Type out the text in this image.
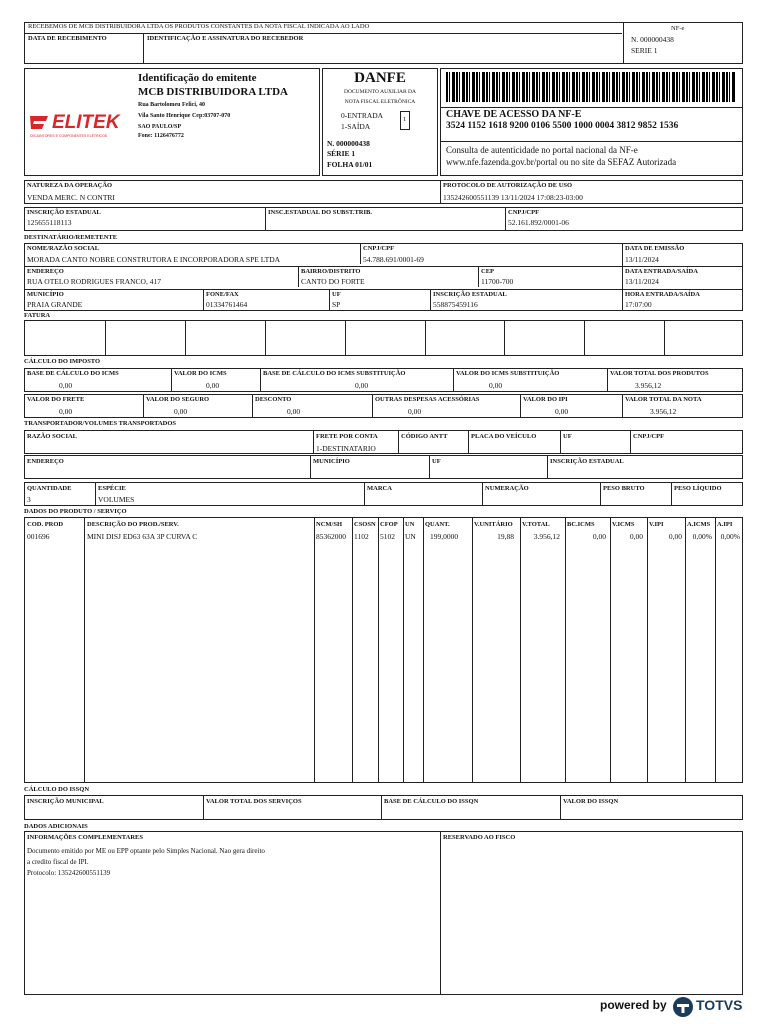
RECEBEMOS DE MCB DISTRIBUIDORA LTDA OS PRODUTOS CONSTANTES DA NOTA FISCAL INDICADA AO LADO
DATA DE RECEBIMENTO	IDENTIFICAÇÃO E ASSINATURA DO RECEBEDOR
NF-e
N. 000000438
SERIE 1
ELITEK
DISJUNTORES E COMPONENTES ELÉTRICOS
Identificação do emitente
MCB DISTRIBUIDORA LTDA
Rua Bartolomeu Felici, 40
Vila Santo Henrique Cep:03707-070
SAO PAULO/SP
Fone: 1126476772
DANFE
DOCUMENTO AUXILIAR DA
NOTA FISCAL ELETRÔNICA
0-ENTRADA
1-SAÍDA
1
N. 000000438
SÉRIE 1
FOLHA 01/01
CHAVE DE ACESSO DA NF-E
3524 1152 1618 9200 0106 5500 1000 0004 3812 9852 1536
Consulta de autenticidade no portal nacional da NF-e
www.nfe.fazenda.gov.br/portal ou no site da SEFAZ Autorizada
NATUREZA DA OPERAÇÃO
VENDA MERC. N CONTRI
PROTOCOLO DE AUTORIZAÇÃO DE USO
135242600551139 13/11/2024 17:08:23-03:00
INSCRIÇÃO ESTADUAL
125655118113
INSC.ESTADUAL DO SUBST.TRIB.	CNPJ/CPF
52.161.892/0001-06
DESTINATÁRIO/REMETENTE
NOME/RAZÃO SOCIAL
MORADA CANTO NOBRE CONSTRUTORA E INCORPORADORA SPE LTDA
CNPJ/CPF
54.788.691/0001-69
DATA DE EMISSÃO
13/11/2024
ENDEREÇO
RUA OTELO RODRIGUES FRANCO, 417
BAIRRO/DISTRITO
CANTO DO FORTE
CEP
11700-700
DATA ENTRADA/SAÍDA
13/11/2024
MUNICÍPIO
PRAIA GRANDE
FONE/FAX
01334761464
UF
SP
INSCRIÇÃO ESTADUAL
558875459116
HORA ENTRADA/SAÍDA
17:07:00
FATURA
CÁLCULO DO IMPOSTO
BASE DE CÁLCULO DO ICMS
0,00
VALOR DO ICMS
0,00
BASE DE CÁLCULO DO ICMS SUBSTITUIÇÃO
0,00
VALOR DO ICMS SUBSTITUIÇÃO
0,00
VALOR TOTAL DOS PRODUTOS
3.956,12
VALOR DO FRETE
0,00
VALOR DO SEGURO
0,00
DESCONTO
0,00
OUTRAS DESPESAS ACESSÓRIAS
0,00
VALOR DO IPI
0,00
VALOR TOTAL DA NOTA
3.956,12
TRANSPORTADOR/VOLUMES TRANSPORTADOS
RAZÃO SOCIAL	FRETE POR CONTA
1-DESTINATARIO
CÓDIGO ANTT	PLACA DO VEÍCULO	UF	CNPJ/CPF
ENDEREÇO	MUNICÍPIO	UF	INSCRIÇÃO ESTADUAL
QUANTIDADE
3
ESPÉCIE
VOLUMES
MARCA	NUMERAÇÃO	PESO BRUTO	PESO LÍQUIDO
DADOS DO PRODUTO / SERVIÇO
COD. PROD	DESCRIÇÃO DO PROD./SERV.	NCM/SH CSOSN CFOP UN QUANT.	V.UNITÁRIO V.TOTAL	BC.ICMS	V.ICMS V.IPI	A.ICMS A.IPI
001696	MINI DISJ ED63 63A 3P CURVA C	85362000 1102 5102 UN 199,0000	19,88	3.956,12	0,00	0,00	0,00 0,00% 0,00%
CÁLCULO DO ISSQN
INSCRIÇÃO MUNICIPAL	VALOR TOTAL DOS SERVIÇOS	BASE DE CÁLCULO DO ISSQN	VALOR DO ISSQN
DADOS ADICIONAIS
INFORMAÇÕES COMPLEMENTARES
Documento emitido por ME ou EPP optante pelo Simples Nacional. Nao gera direito
a credito fiscal de IPI.
Protocolo: 135242600551139
RESERVADO AO FISCO
powered by TOTVS
